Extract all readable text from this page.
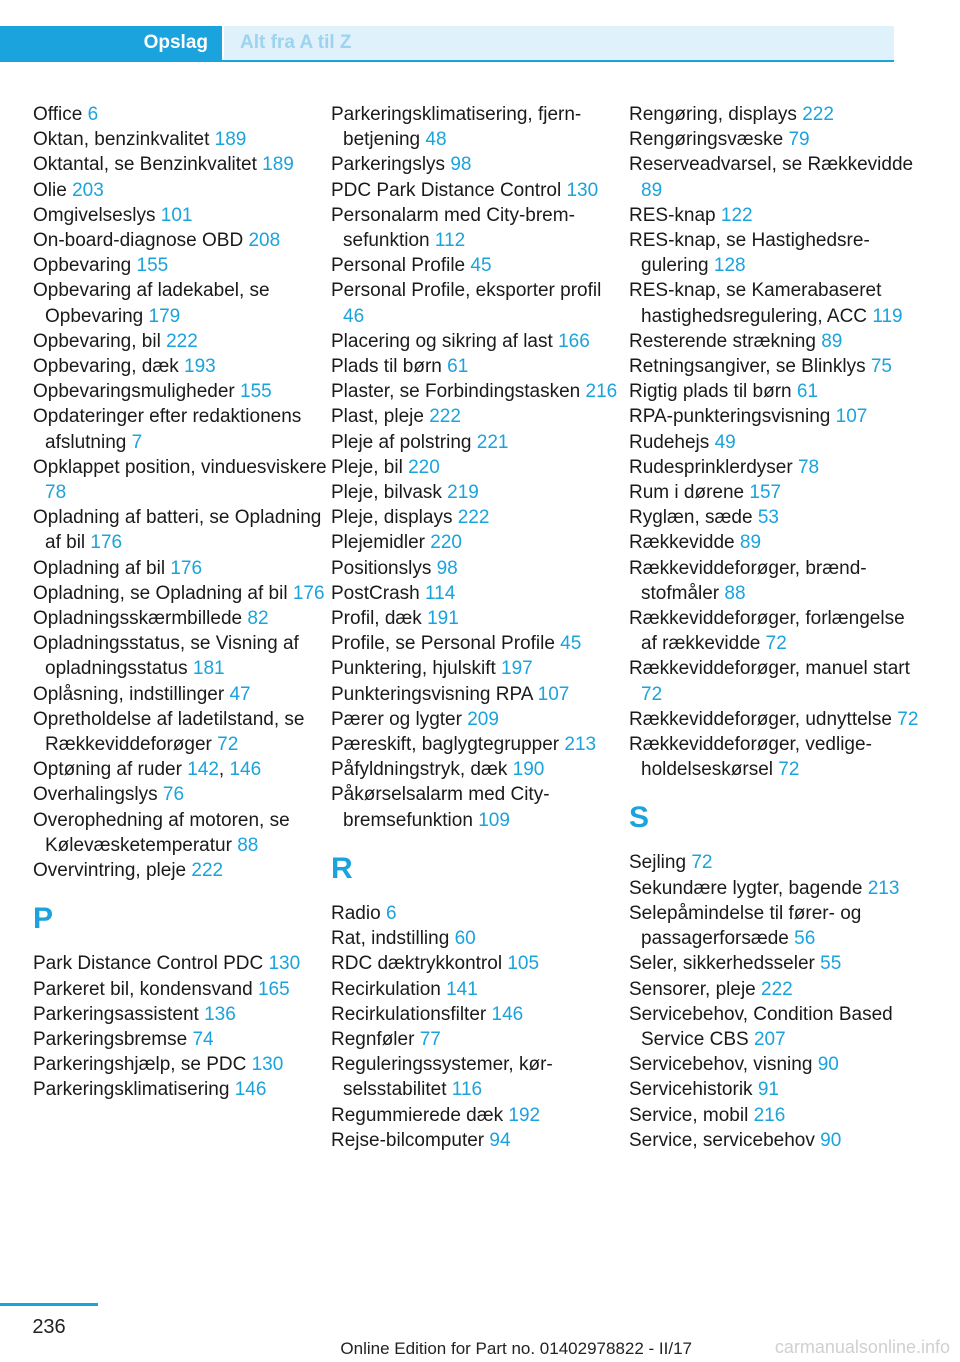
Opslag Alt fra A til Z

Office 6

Oktan, benzinkvalitet 189

Oktantal, se Benzinkvalitet 189

Olie 203

Omgivelseslys 101

On-board-diagnose OBD 208

Opbevaring 155

Opbevaring af ladekabel, se Opbevaring 179

Opbevaring, bil 222

Opbevaring, dæk 193

Opbevaringsmuligheder 155

Opdateringer efter redaktionens afslutning 7

Opklappet position, vinduesviskere 78

Opladning af batteri, se Opladning af bil 176

Opladning af bil 176

Opladning, se Opladning af bil 176

Opladningsskærmbillede 82

Opladningsstatus, se Visning af opladningsstatus 181

Oplåsning, indstillinger 47

Opretholdelse af ladetilstand, se Rækkeviddeforøger 72

Optøning af ruder 142, 146

Overhalingslys 76

Overophedning af motoren, se Kølevæsketemperatur 88

Overvintring, pleje 222

P

Park Distance Control PDC 130

Parkeret bil, kondensvand 165

Parkeringsassistent 136

Parkeringsbremse 74

Parkeringshjælp, se PDC 130

Parkeringsklimatisering 146

Parkeringsklimatisering, fjernbetjening 48

Parkeringslys 98

PDC Park Distance Control 130

Personalarm med City-bremsefunktion 112

Personal Profile 45

Personal Profile, eksporter profil 46

Placering og sikring af last 166

Plads til børn 61

Plaster, se Forbindingstasken 216

Plast, pleje 222

Pleje af polstring 221

Pleje, bil 220

Pleje, bilvask 219

Pleje, displays 222

Plejemidler 220

Positionslys 98

PostCrash 114

Profil, dæk 191

Profile, se Personal Profile 45

Punktering, hjulskift 197

Punkteringsvisning RPA 107

Pærer og lygter 209

Pæreskift, baglygtegrupper 213

Påfyldningstryk, dæk 190

Påkørselsalarm med City-bremsefunktion 109

R

Radio 6

Rat, indstilling 60

RDC dæktrykkontrol 105

Recirkulation 141

Recirkulationsfilter 146

Regnføler 77

Reguleringssystemer, kørselsstabilitet 116

Regummierede dæk 192

Rejse-bilcomputer 94

Rengøring, displays 222

Rengøringsvæske 79

Reserveadvarsel, se Rækkevidde 89

RES-knap 122

RES-knap, se Hastighedsregulering 128

RES-knap, se Kamerabaseret hastighedsregulering, ACC 119

Resterende strækning 89

Retningsangiver, se Blinklys 75

Rigtig plads til børn 61

RPA-punkteringsvisning 107

Rudehejs 49

Rudesprinklerdyser 78

Rum i dørene 157

Ryglæn, sæde 53

Rækkevidde 89

Rækkeviddeforøger, brændstofmåler 88

Rækkeviddeforøger, forlængelse af rækkevidde 72

Rækkeviddeforøger, manuel start 72

Rækkeviddeforøger, udnyttelse 72

Rækkeviddeforøger, vedligeholdelseskørsel 72

S

Sejling 72

Sekundære lygter, bagende 213

Selepåmindelse til fører- og passagerforsæde 56

Seler, sikkerhedsseler 55

Sensorer, pleje 222

Servicebehov, Condition Based Service CBS 207

Servicebehov, visning 90

Servicehistorik 91

Service, mobil 216

Service, servicebehov 90

236
Online Edition for Part no. 01402978822 - II/17	carmanualsonline.info
